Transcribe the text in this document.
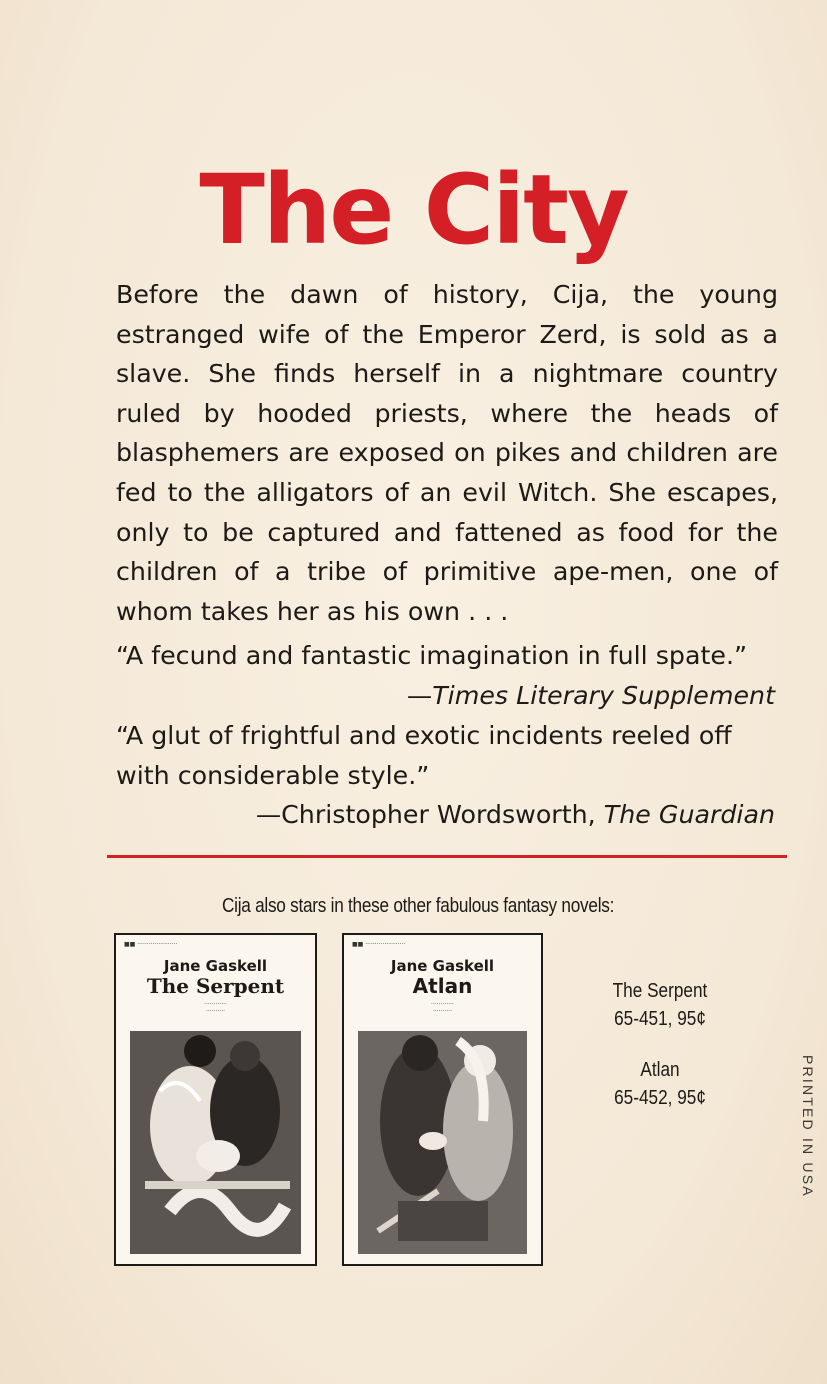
The City

Before the dawn of history, Cija, the young estranged wife of the Emperor Zerd, is sold as a slave. She finds herself in a nightmare country ruled by hooded priests, where the heads of blasphemers are exposed on pikes and children are fed to the alligators of an evil Witch. She escapes, only to be captured and fattened as food for the children of a tribe of primitive ape-men, one of whom takes her as his own . . .

“A fecund and fantastic imagination in full spate.”

—Times Literary Supplement

“A glut of frightful and exotic incidents reeled off with considerable style.”

—Christopher Wordsworth, The Guardian
Cija also stars in these other fabulous fantasy novels:
■■ ·····················
Jane Gaskell
The Serpent
············
··········
■■ ·····················
Jane Gaskell
Atlan
············
··········
The Serpent
65-451, 95¢
Atlan
65-452, 95¢	PRINTED IN USA
